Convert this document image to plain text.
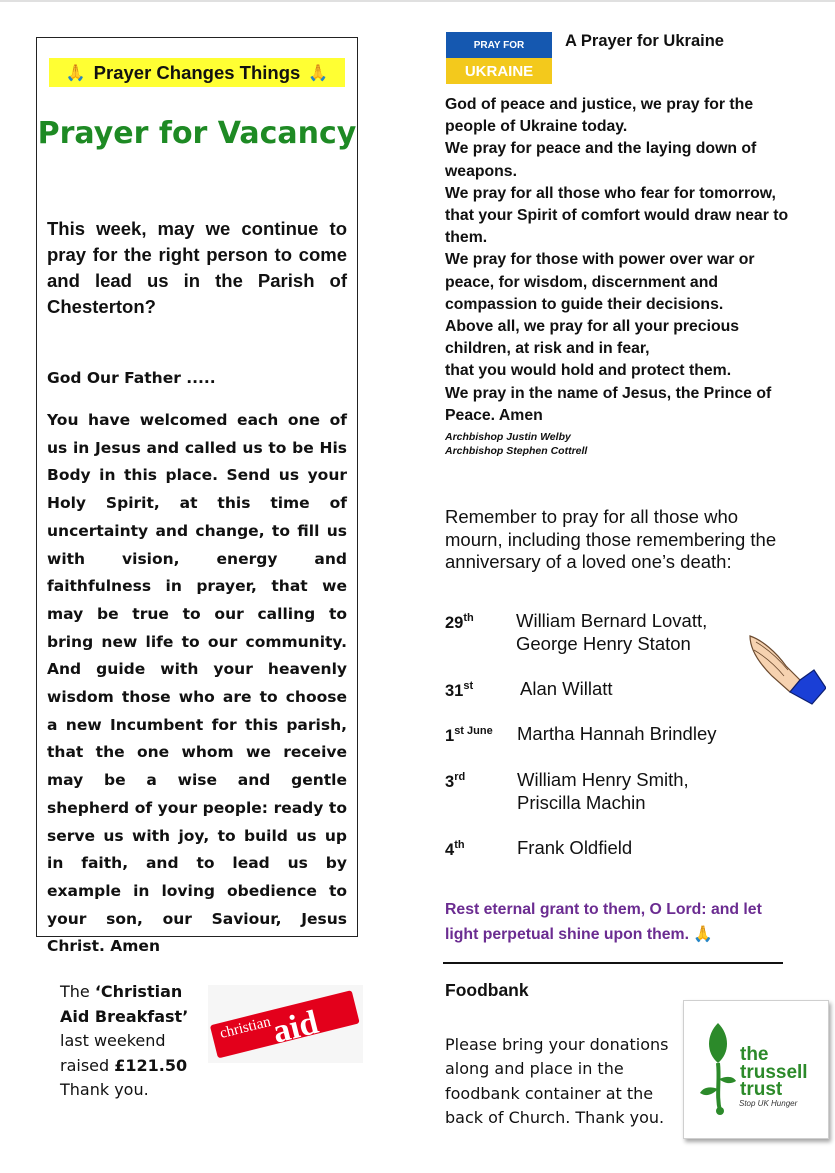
🙏 Prayer Changes Things 🙏
Prayer for Vacancy
This week, may we continue to pray for the right person to come and lead us in the Parish of Chesterton?
God Our Father .....
You have welcomed each one of us in Jesus and called us to be His Body in this place. Send us your Holy Spirit, at this time of uncertainty and change, to fill us with vision, energy and faithfulness in prayer, that we may be true to our calling to bring new life to our community. And guide with your heavenly wisdom those who are to choose a new Incumbent for this parish, that the one whom we receive may be a wise and gentle shepherd of your people: ready to serve us with joy, to build us up in faith, and to lead us by example in loving obedience to your son, our Saviour, Jesus Christ. Amen
The ‘Christian
Aid Breakfast’
last weekend
raised £121.50
Thank you.
christian
aid
PRAY FOR
UKRAINE
A Prayer for Ukraine
God of peace and justice, we pray for the people of Ukraine today.
We pray for peace and the laying down of weapons.
We pray for all those who fear for tomorrow, that your Spirit of comfort would draw near to them.
We pray for those with power over war or peace, for wisdom, discernment and compassion to guide their decisions.
Above all, we pray for all your precious children, at risk and in fear,
that you would hold and protect them.
We pray in the name of Jesus, the Prince of Peace. Amen
Archbishop Justin Welby
Archbishop Stephen Cottrell
Remember to pray for all those who mourn, including those remembering the anniversary of a loved one’s death:
29th William Bernard Lovatt,
George Henry Staton
31st	Alan Willatt
$1^{st June}$ Martha Hannah Brindley
3rd	William Henry Smith,
Priscilla Machin
4th	Frank Oldfield
Rest eternal grant to them, O Lord: and let light perpetual shine upon them. 🙏
Foodbank
Please bring your donations along and place in the foodbank container at the back of Church. Thank you.
the
trussell
trust
Stop UK Hunger
